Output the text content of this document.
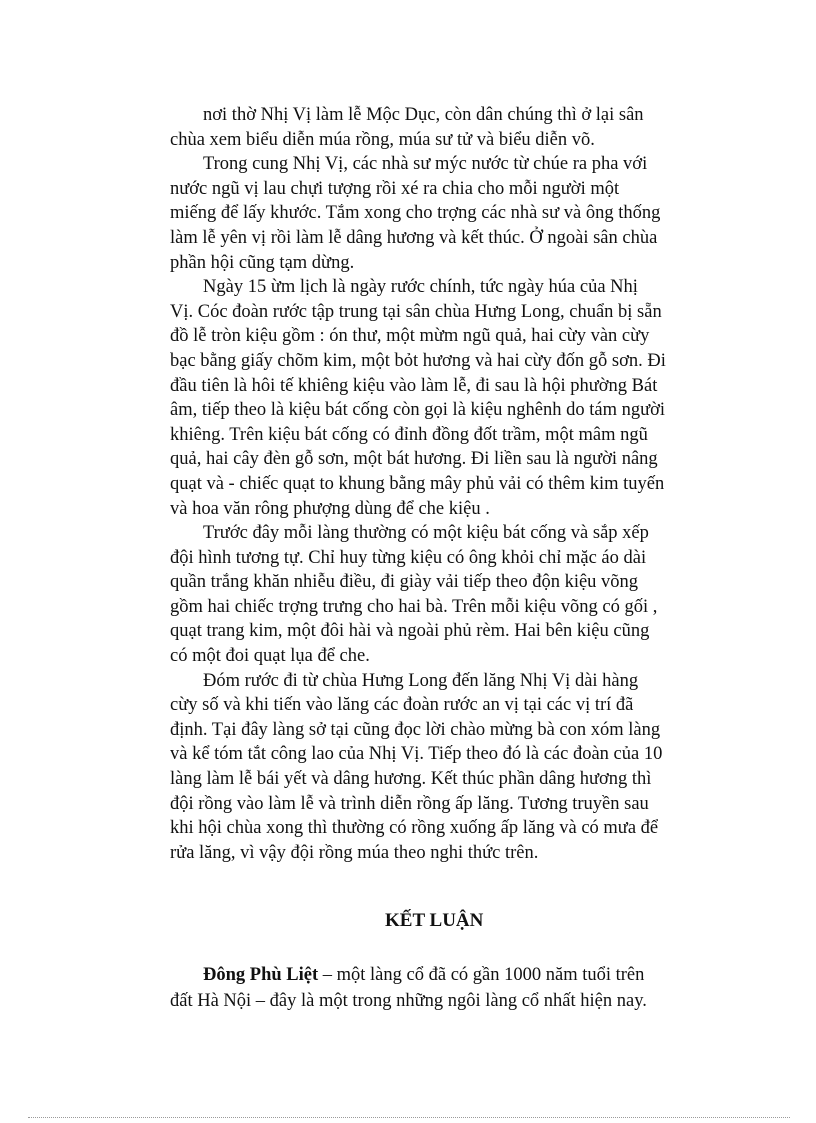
nơi thờ Nhị Vị làm lễ Mộc Dục, còn dân chúng thì ở lại sân
chùa xem biểu diễn múa rồng, múa sư tử và biểu diễn võ.
Trong cung Nhị Vị, các nhà sư mýc nước từ chúe ra pha với
nước ngũ vị lau chựi tượng rồi xé ra chia cho mỗi người một
miếng để lấy khước. Tắm xong cho trợng các nhà sư và ông thống
làm lễ yên vị rồi làm lễ dâng hương và kết thúc. Ở ngoài sân chùa
phần hội cũng tạm dừng.
Ngày 15 ừm lịch là ngày rước chính, tức ngày húa của Nhị
Vị. Cóc đoàn rước tập trung tại sân chùa Hưng Long, chuẩn bị sẵn
đồ lễ tròn kiệu gồm : ón thư, một mừm ngũ quả, hai cừy vàn cừy
bạc bằng giấy chõm kim, một bỏt hương và hai cừy đốn gỗ sơn. Đi
đầu tiên là hôi tế khiêng kiệu vào làm lễ, đi sau là hội phường Bát
âm, tiếp theo là kiệu bát cống còn gọi là kiệu nghênh do tám người
khiêng. Trên kiệu bát cống có đỉnh đồng đốt trầm, một mâm ngũ
quả, hai cây đèn gỗ sơn, một bát hương. Đi liền sau là người nâng
quạt và - chiếc quạt to khung bằng mây phủ vải có thêm kim tuyến
và hoa văn rông phượng dùng để che kiệu .
Trước đây mỗi làng thường có một kiệu bát cống và sắp xếp
đội hình tương tự. Chỉ huy từng kiệu có ông khỏi chỉ mặc áo dài
quần trắng khăn nhiễu điều, đi giày vải tiếp theo độn kiệu võng
gồm hai chiếc trợng trưng cho hai bà. Trên mỗi kiệu võng có gối ,
quạt trang kim, một đôi hài và ngoài phủ rèm. Hai bên kiệu cũng
có một đoi quạt lụa để che.
Đóm rước đi từ chùa Hưng Long đến lăng Nhị Vị dài hàng
cừy số và khi tiến vào lăng các đoàn rước an vị tại các vị trí đã
định. Tại đây làng sở tại cũng đọc lời chào mừng bà con xóm làng
và kể tóm tắt công lao của Nhị Vị. Tiếp theo đó là các đoàn của 10
làng làm lễ bái yết và dâng hương. Kết thúc phần dâng hương thì
đội rồng vào làm lễ và trình diễn rồng ấp lăng. Tương truyền sau
khi hội chùa xong thì thường có rồng xuống ấp lăng và có mưa để
rửa lăng, vì vậy đội rồng múa theo nghi thức trên.
KẾT LUẬN
Đông Phù Liệt – một làng cổ đã có gần 1000 năm tuổi trên
đất Hà Nội – đây là một trong những ngôi làng cổ nhất hiện nay.
